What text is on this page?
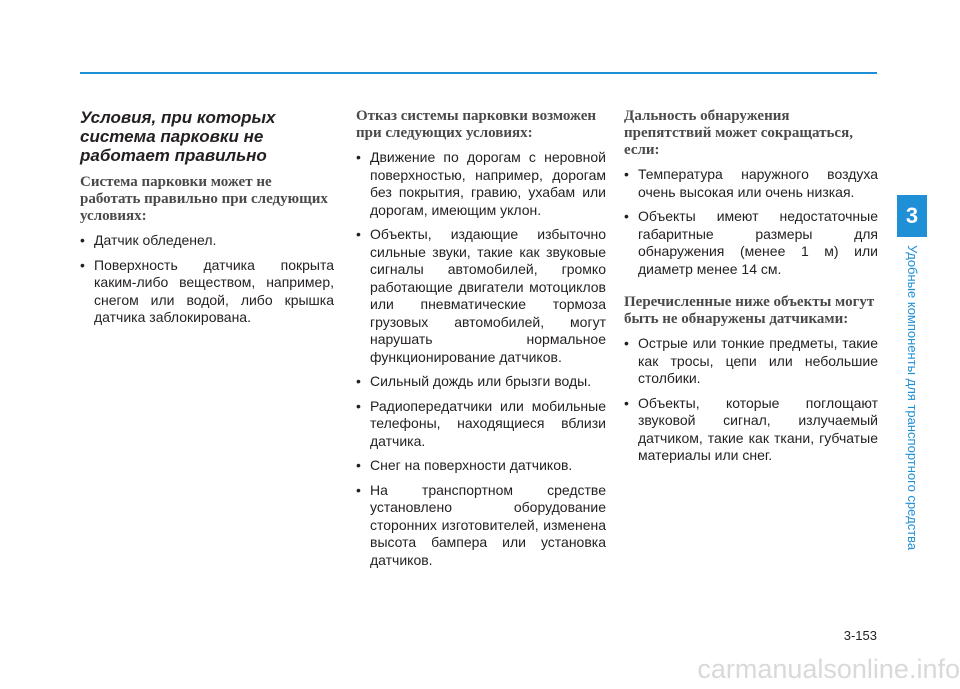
Условия, при которых система парковки не работает правильно

Система парковки может не работать правильно при следующих условиях:

• Датчик обледенел.
• Поверхность датчика покрыта каким-либо веществом, например, снегом или водой, либо крышка датчика заблокирована.

Отказ системы парковки возможен при следующих условиях:

• Движение по дорогам с неровной поверхностью, например, дорогам без покрытия, гравию, ухабам или дорогам, имеющим уклон.
• Объекты, издающие избыточно сильные звуки, такие как звуковые сигналы автомобилей, громко работающие двигатели мотоциклов или пневматические тормоза грузовых автомобилей, могут нарушать нормальное функционирование датчиков.
• Сильный дождь или брызги воды.
• Радиопередатчики или мобильные телефоны, находящиеся вблизи датчика.
• Снег на поверхности датчиков.
• На транспортном средстве установлено оборудование сторонних изготовителей, изменена высота бампера или установка датчиков.

Дальность обнаружения препятствий может сокращаться, если:

• Температура наружного воздуха очень высокая или очень низкая.
• Объекты имеют недостаточные габаритные размеры для обнаружения (менее 1 м) или диаметр менее 14 см.

Перечисленные ниже объекты могут быть не обнаружены датчиками:

• Острые или тонкие предметы, такие как тросы, цепи или небольшие столбики.
• Объекты, которые поглощают звуковой сигнал, излучаемый датчиком, такие как ткани, губчатые материалы или снег.
3
Удобные компоненты для транспортного средства
3-153
carmanualsonline.info
